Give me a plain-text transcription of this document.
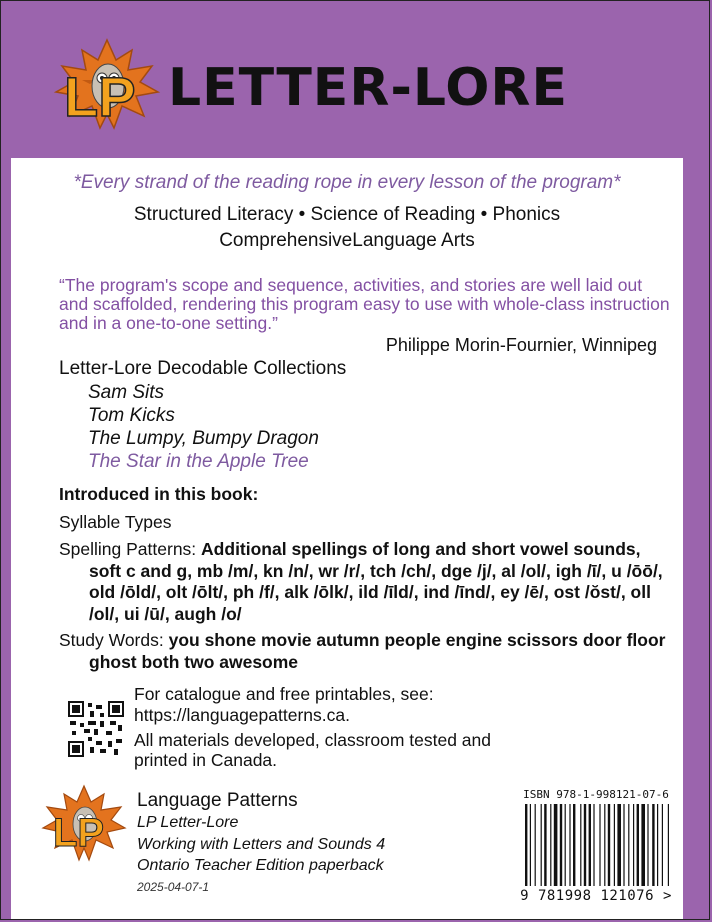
LP LETTER-LORE
*Every strand of the reading rope in every lesson of the program*
Structured Literacy • Science of Reading • Phonics
ComprehensiveLanguage Arts
“The program's scope and sequence, activities, and stories are well laid out and scaffolded, rendering this program easy to use with whole-class instruction and in a one-to-one setting.”
Philippe Morin-Fournier, Winnipeg
Letter-Lore Decodable Collections
Sam Sits
Tom Kicks
The Lumpy, Bumpy Dragon
The Star in the Apple Tree
Introduced in this book:
Syllable Types
Spelling Patterns: Additional spellings of long and short vowel sounds, soft c and g, mb /m/, kn /n/, wr /r/, tch /ch/, dge /j/, al /ol/, igh /ī/, u /ōō/, old /ōld/, olt /ōlt/, ph /f/, alk /ōlk/, ild /īld/, ind /īnd/, ey /ē/, ost /ŏst/, oll /ol/, ui /ū/, augh /o/
Study Words: you shone movie autumn people engine scissors door floor ghost both two awesome
For catalogue and free printables, see:
https://languagepatterns.ca.
All materials developed, classroom tested and printed in Canada.
LP
Language Patterns
LP Letter-Lore
Working with Letters and Sounds 4
Ontario Teacher Edition paperback
2025-04-07-1
ISBN 978-1-998121-07-6
9 781998 121076 >
